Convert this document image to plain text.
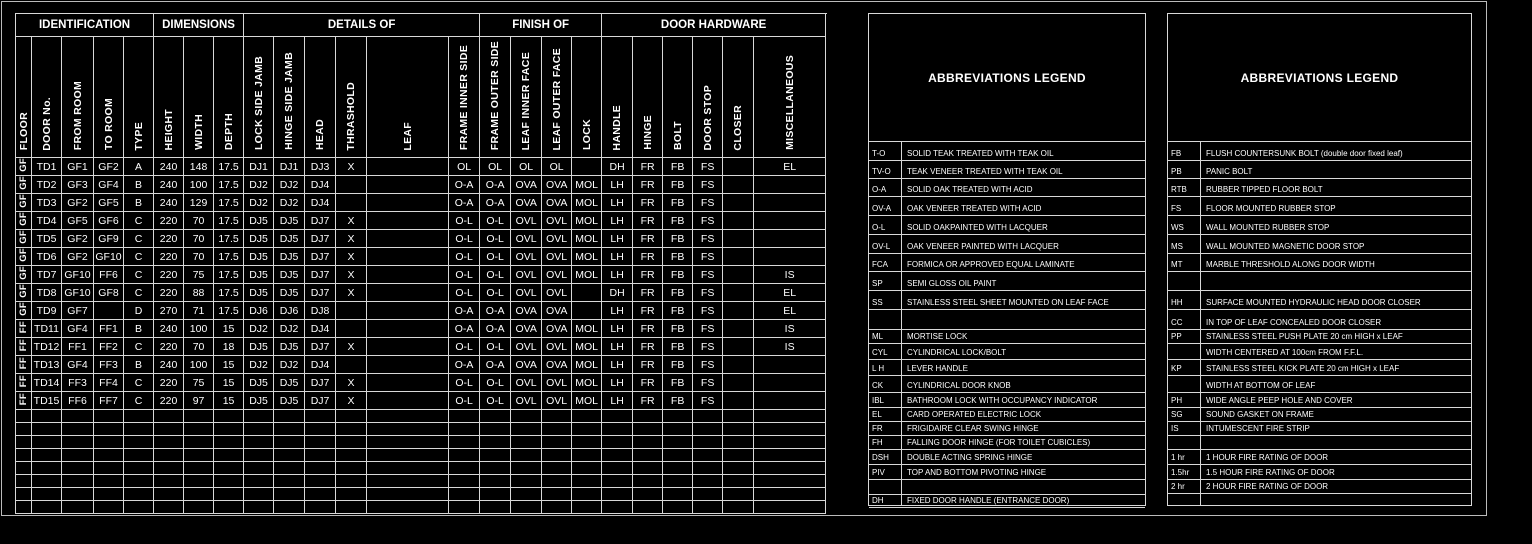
IDENTIFICATION					DIMENSIONS			DETAILS OF						FINISH OF				DOOR HARDWARE					
FLOOR	DOOR No.	FROM ROOM	TO ROOM	TYPE	HEIGHT	WIDTH	DEPTH	LOCK SIDE JAMB	HINGE SIDE JAMB	HEAD	THRASHOLD	LEAF	FRAME INNER SIDE	FRAME OUTER SIDE	LEAF INNER FACE	LEAF OUTER FACE	LOCK	HANDLE	HINGE	BOLT	DOOR STOP	CLOSER	MISCELLANEOUS
GF	TD1	GF1	GF2	A	240	148	17.5	DJ1	DJ1	DJ3	X		OL	OL	OL	OL		DH	FR	FB	FS		EL
GF	TD2	GF3	GF4	B	240	100	17.5	DJ2	DJ2	DJ4			O-A	O-A	OVA	OVA	MOL	LH	FR	FB	FS		
GF	TD3	GF2	GF5	B	240	129	17.5	DJ2	DJ2	DJ4			O-A	O-A	OVA	OVA	MOL	LH	FR	FB	FS		
GF	TD4	GF5	GF6	C	220	70	17.5	DJ5	DJ5	DJ7	X		O-L	O-L	OVL	OVL	MOL	LH	FR	FB	FS		
GF	TD5	GF2	GF9	C	220	70	17.5	DJ5	DJ5	DJ7	X		O-L	O-L	OVL	OVL	MOL	LH	FR	FB	FS		
GF	TD6	GF2	GF10	C	220	70	17.5	DJ5	DJ5	DJ7	X		O-L	O-L	OVL	OVL	MOL	LH	FR	FB	FS		
GF	TD7	GF10	FF6	C	220	75	17.5	DJ5	DJ5	DJ7	X		O-L	O-L	OVL	OVL	MOL	LH	FR	FB	FS		IS
GF	TD8	GF10	GF8	C	220	88	17.5	DJ5	DJ5	DJ7	X		O-L	O-L	OVL	OVL		DH	FR	FB	FS		EL
GF	TD9	GF7		D	270	71	17.5	DJ6	DJ6	DJ8			O-A	O-A	OVA	OVA		LH	FR	FB	FS		EL
FF	TD11	GF4	FF1	B	240	100	15	DJ2	DJ2	DJ4			O-A	O-A	OVA	OVA	MOL	LH	FR	FB	FS		IS
FF	TD12	FF1	FF2	C	220	70	18	DJ5	DJ5	DJ7	X		O-L	O-L	OVL	OVL	MOL	LH	FR	FB	FS		IS
FF	TD13	GF4	FF3	B	240	100	15	DJ2	DJ2	DJ4			O-A	O-A	OVA	OVA	MOL	LH	FR	FB	FS		
FF	TD14	FF3	FF4	C	220	75	15	DJ5	DJ5	DJ7	X		O-L	O-L	OVL	OVL	MOL	LH	FR	FB	FS		
FF	TD15	FF6	FF7	C	220	97	15	DJ5	DJ5	DJ7	X		O-L	O-L	OVL	OVL	MOL	LH	FR	FB	FS		

ABBREVIATIONS LEGEND
T-O	SOLID TEAK TREATED WITH TEAK OIL
TV-O	TEAK VENEER TREATED WITH TEAK OIL
O-A	SOLID OAK TREATED WITH ACID
OV-A	OAK VENEER TREATED WITH ACID
O-L	SOLID OAKPAINTED WITH LACQUER
OV-L	OAK VENEER PAINTED WITH LACQUER
FCA	FORMICA OR APPROVED EQUAL LAMINATE
SP	SEMI GLOSS OIL PAINT
SS	STAINLESS STEEL SHEET MOUNTED ON LEAF FACE
ML	MORTISE LOCK
CYL	CYLINDRICAL LOCK/BOLT
L H	LEVER HANDLE
CK	CYLINDRICAL DOOR KNOB
IBL	BATHROOM LOCK WITH OCCUPANCY INDICATOR
EL	CARD OPERATED ELECTRIC LOCK
FR	FRIGIDAIRE CLEAR SWING HINGE
FH	FALLING DOOR HINGE (FOR TOILET CUBICLES)
DSH	DOUBLE ACTING SPRING HINGE
PIV	TOP AND BOTTOM PIVOTING HINGE
DH	FIXED DOOR HANDLE (ENTRANCE DOOR)
ABBREVIATIONS LEGEND
FB	FLUSH COUNTERSUNK BOLT (double door fixed leaf)
PB	PANIC BOLT
RTB	RUBBER TIPPED FLOOR BOLT
FS	FLOOR MOUNTED RUBBER STOP
WS	WALL MOUNTED RUBBER STOP
MS	WALL MOUNTED MAGNETIC DOOR STOP
MT	MARBLE THRESHOLD ALONG DOOR WIDTH
HH	SURFACE MOUNTED HYDRAULIC HEAD DOOR CLOSER
CC	IN TOP OF LEAF CONCEALED DOOR CLOSER
PP	STAINLESS STEEL PUSH PLATE 20 cm HIGH x LEAF
WIDTH CENTERED AT 100cm FROM F.F.L.
KP	STAINLESS STEEL KICK PLATE 20 cm HIGH x LEAF
WIDTH AT BOTTOM OF LEAF
PH	WIDE ANGLE PEEP HOLE AND COVER
SG	SOUND GASKET ON FRAME
IS	INTUMESCENT FIRE STRIP
1 hr	1 HOUR FIRE RATING OF DOOR
1.5hr	1.5 HOUR FIRE RATING OF DOOR
2 hr	2 HOUR FIRE RATING OF DOOR
